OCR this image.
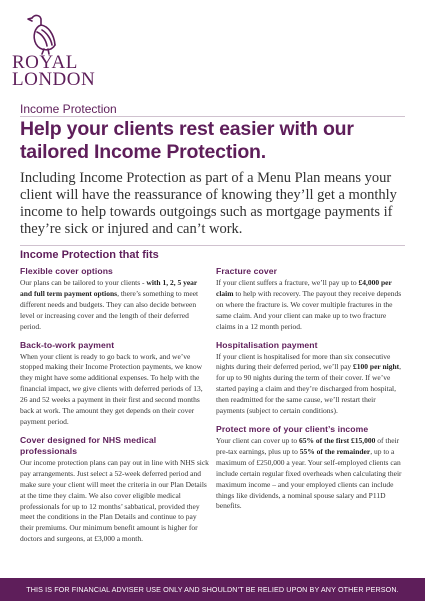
ROYAL
LONDON
Income Protection
Help your clients rest easier with our tailored Income Protection.
Including Income Protection as part of a Menu Plan means your client will have the reassurance of knowing they’ll get a monthly income to help towards outgoings such as mortgage payments if they’re sick or injured and can’t work.
Income Protection that fits
Flexible cover options

Our plans can be tailored to your clients - with 1, 2, 5 year and full term payment options, there’s something to meet different needs and budgets. They can also decide between level or increasing cover and the length of their deferred period.

Back-to-work payment

When your client is ready to go back to work, and we’ve stopped making their Income Protection payments, we know they might have some additional expenses. To help with the financial impact, we give clients with deferred periods of 13, 26 and 52 weeks a payment in their first and second months back at work. The amount they get depends on their cover payment period.

Cover designed for NHS medical professionals

Our income protection plans can pay out in line with NHS sick pay arrangements. Just select a 52-week deferred period and make sure your client will meet the criteria in our Plan Details at the time they claim. We also cover eligible medical professionals for up to 12 months’ sabbatical, provided they meet the conditions in the Plan Details and continue to pay their premiums. Our minimum benefit amount is higher for doctors and surgeons, at £3,000 a month.

Fracture cover

If your client suffers a fracture, we’ll pay up to £4,000 per claim to help with recovery. The payout they receive depends on where the fracture is. We cover multiple fractures in the same claim. And your client can make up to two fracture claims in a 12 month period.

Hospitalisation payment

If your client is hospitalised for more than six consecutive nights during their deferred period, we’ll pay £100 per night, for up to 90 nights during the term of their cover. If we’ve started paying a claim and they’re discharged from hospital, then readmitted for the same cause, we’ll restart their payments (subject to certain conditions).

Protect more of your client’s income

Your client can cover up to 65% of the first £15,000 of their pre-tax earnings, plus up to 55% of the remainder, up to a maximum of £250,000 a year. Your self-employed clients can include certain regular fixed overheads when calculating their maximum income – and your employed clients can include things like dividends, a nominal spouse salary and P11D benefits.

THIS IS FOR FINANCIAL ADVISER USE ONLY AND SHOULDN’T BE RELIED UPON BY ANY OTHER PERSON.
